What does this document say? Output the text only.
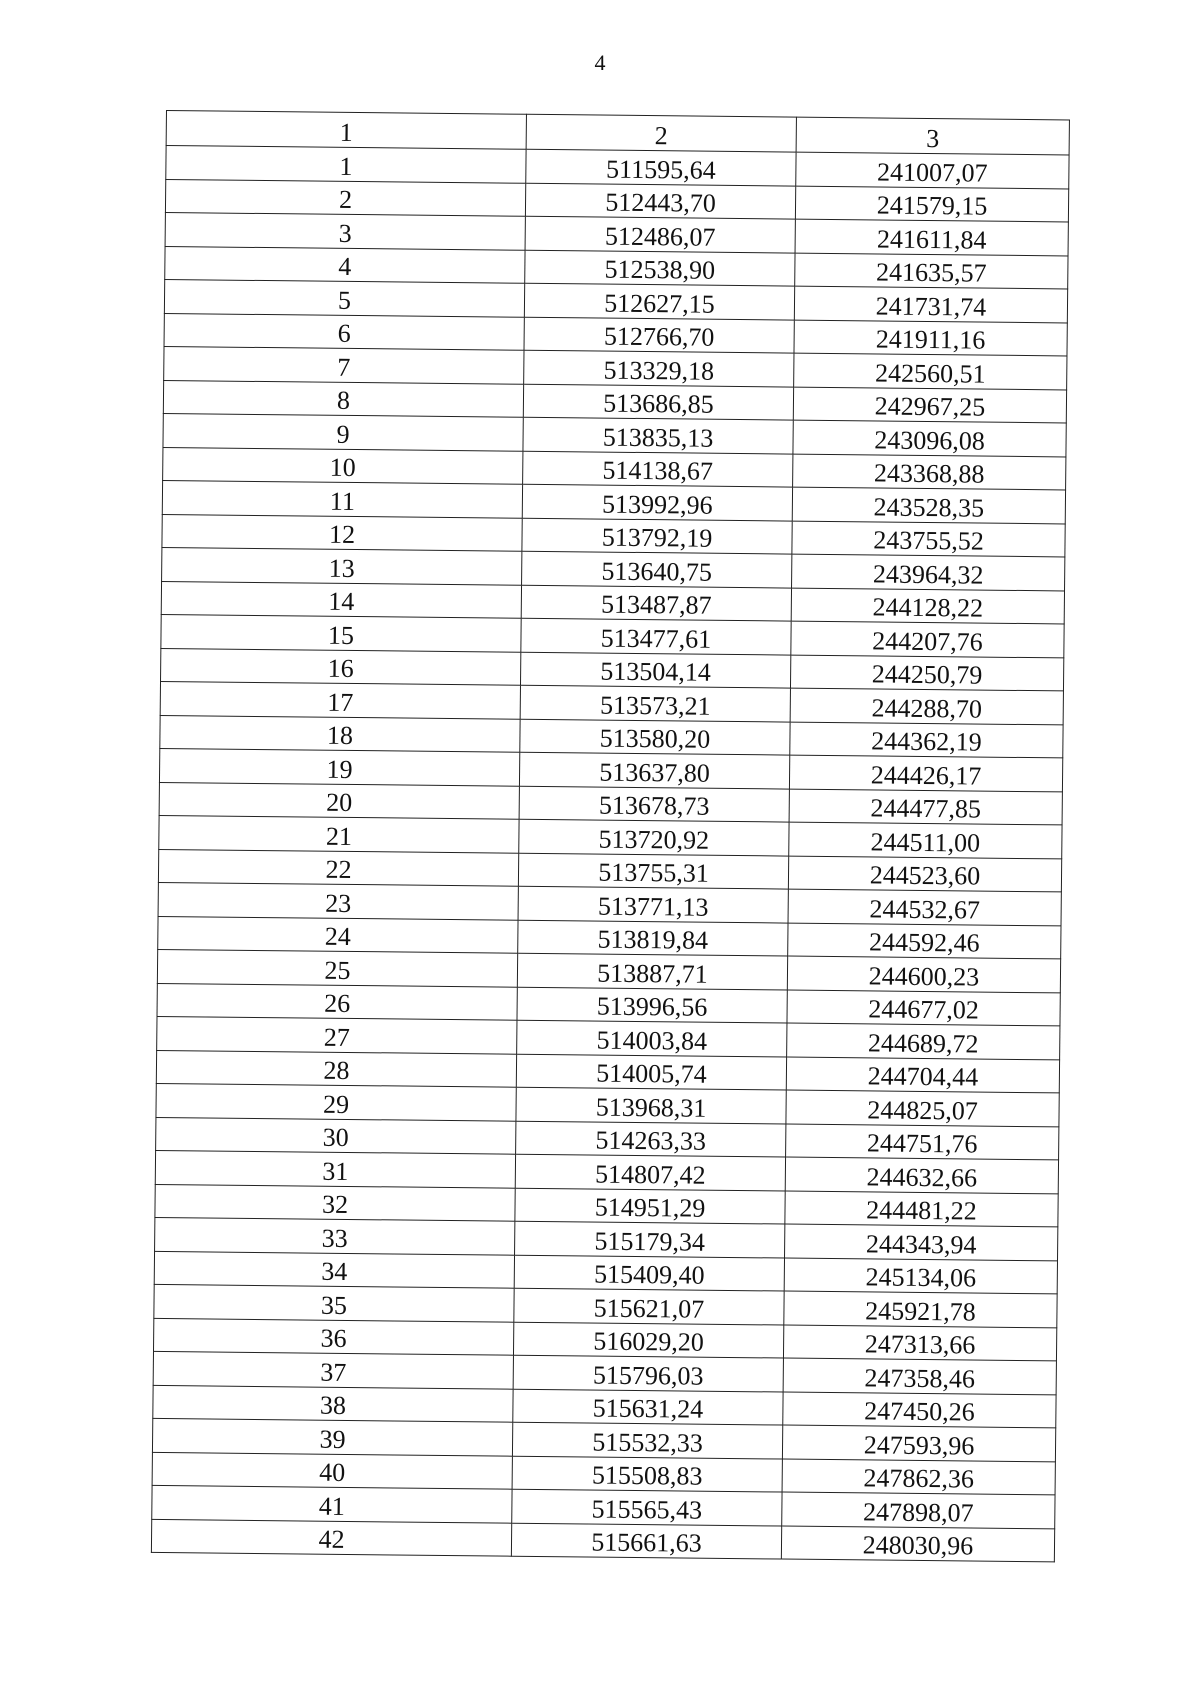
4
1	2	3
1	511595,64	241007,07
2	512443,70	241579,15
3	512486,07	241611,84
4	512538,90	241635,57
5	512627,15	241731,74
6	512766,70	241911,16
7	513329,18	242560,51
8	513686,85	242967,25
9	513835,13	243096,08
10	514138,67	243368,88
11	513992,96	243528,35
12	513792,19	243755,52
13	513640,75	243964,32
14	513487,87	244128,22
15	513477,61	244207,76
16	513504,14	244250,79
17	513573,21	244288,70
18	513580,20	244362,19
19	513637,80	244426,17
20	513678,73	244477,85
21	513720,92	244511,00
22	513755,31	244523,60
23	513771,13	244532,67
24	513819,84	244592,46
25	513887,71	244600,23
26	513996,56	244677,02
27	514003,84	244689,72
28	514005,74	244704,44
29	513968,31	244825,07
30	514263,33	244751,76
31	514807,42	244632,66
32	514951,29	244481,22
33	515179,34	244343,94
34	515409,40	245134,06
35	515621,07	245921,78
36	516029,20	247313,66
37	515796,03	247358,46
38	515631,24	247450,26
39	515532,33	247593,96
40	515508,83	247862,36
41	515565,43	247898,07
42	515661,63	248030,96
